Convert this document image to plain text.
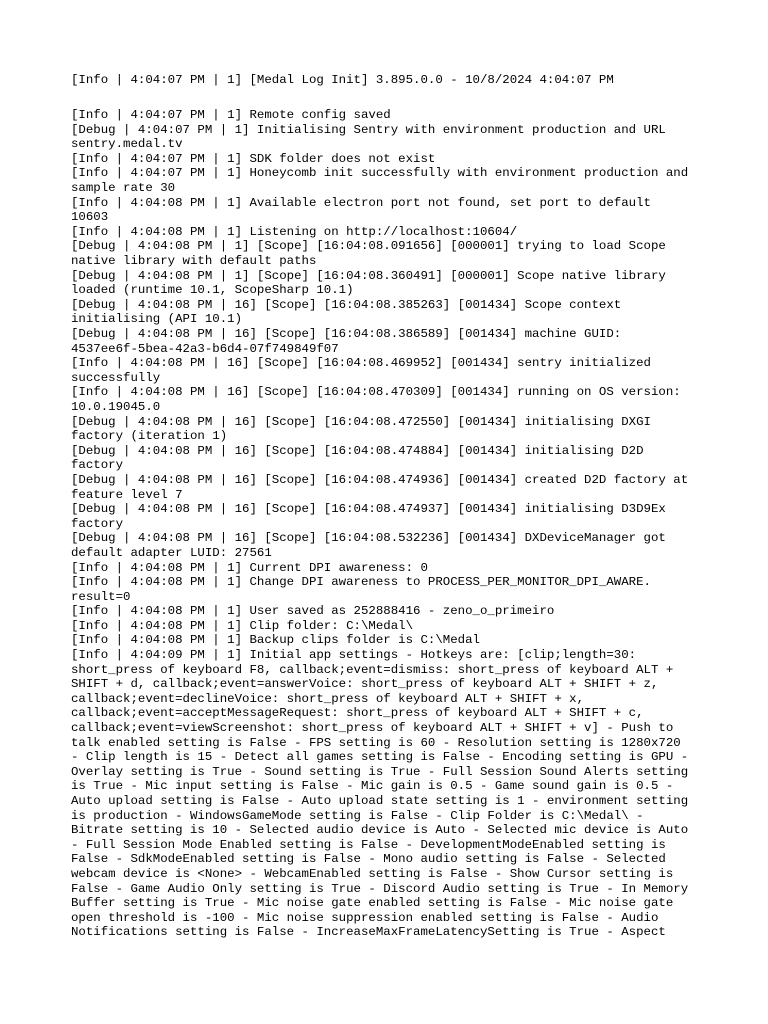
[Info | 4:04:07 PM | 1] [Medal Log Init] 3.895.0.0 - 10/8/2024 4:04:07 PM
[Info | 4:04:07 PM | 1] Remote config saved
[Debug | 4:04:07 PM | 1] Initialising Sentry with environment production and URL
sentry.medal.tv
[Info | 4:04:07 PM | 1] SDK folder does not exist
[Info | 4:04:07 PM | 1] Honeycomb init successfully with environment production and
sample rate 30
[Info | 4:04:08 PM | 1] Available electron port not found, set port to default
10603
[Info | 4:04:08 PM | 1] Listening on http://localhost:10604/
[Debug | 4:04:08 PM | 1] [Scope] [16:04:08.091656] [000001] trying to load Scope
native library with default paths
[Debug | 4:04:08 PM | 1] [Scope] [16:04:08.360491] [000001] Scope native library
loaded (runtime 10.1, ScopeSharp 10.1)
[Debug | 4:04:08 PM | 16] [Scope] [16:04:08.385263] [001434] Scope context
initialising (API 10.1)
[Debug | 4:04:08 PM | 16] [Scope] [16:04:08.386589] [001434] machine GUID:
4537ee6f-5bea-42a3-b6d4-07f749849f07
[Info | 4:04:08 PM | 16] [Scope] [16:04:08.469952] [001434] sentry initialized
successfully
[Info | 4:04:08 PM | 16] [Scope] [16:04:08.470309] [001434] running on OS version:
10.0.19045.0
[Debug | 4:04:08 PM | 16] [Scope] [16:04:08.472550] [001434] initialising DXGI
factory (iteration 1)
[Debug | 4:04:08 PM | 16] [Scope] [16:04:08.474884] [001434] initialising D2D
factory
[Debug | 4:04:08 PM | 16] [Scope] [16:04:08.474936] [001434] created D2D factory at
feature level 7
[Debug | 4:04:08 PM | 16] [Scope] [16:04:08.474937] [001434] initialising D3D9Ex
factory
[Debug | 4:04:08 PM | 16] [Scope] [16:04:08.532236] [001434] DXDeviceManager got
default adapter LUID: 27561
[Info | 4:04:08 PM | 1] Current DPI awareness: 0
[Info | 4:04:08 PM | 1] Change DPI awareness to PROCESS_PER_MONITOR_DPI_AWARE.
result=0
[Info | 4:04:08 PM | 1] User saved as 252888416 - zeno_o_primeiro
[Info | 4:04:08 PM | 1] Clip folder: C:\Medal\
[Info | 4:04:08 PM | 1] Backup clips folder is C:\Medal
[Info | 4:04:09 PM | 1] Initial app settings - Hotkeys are: [clip;length=30:
short_press of keyboard F8, callback;event=dismiss: short_press of keyboard ALT +
SHIFT + d, callback;event=answerVoice: short_press of keyboard ALT + SHIFT + z,
callback;event=declineVoice: short_press of keyboard ALT + SHIFT + x,
callback;event=acceptMessageRequest: short_press of keyboard ALT + SHIFT + c,
callback;event=viewScreenshot: short_press of keyboard ALT + SHIFT + v] - Push to
talk enabled setting is False - FPS setting is 60 - Resolution setting is 1280x720
- Clip length is 15 - Detect all games setting is False - Encoding setting is GPU -
Overlay setting is True - Sound setting is True - Full Session Sound Alerts setting
is True - Mic input setting is False - Mic gain is 0.5 - Game sound gain is 0.5 -
Auto upload setting is False - Auto upload state setting is 1 - environment setting
is production - WindowsGameMode setting is False - Clip Folder is C:\Medal\ -
Bitrate setting is 10 - Selected audio device is Auto - Selected mic device is Auto
- Full Session Mode Enabled setting is False - DevelopmentModeEnabled setting is
False - SdkModeEnabled setting is False - Mono audio setting is False - Selected
webcam device is <None> - WebcamEnabled setting is False - Show Cursor setting is
False - Game Audio Only setting is True - Discord Audio setting is True - In Memory
Buffer setting is True - Mic noise gate enabled setting is False - Mic noise gate
open threshold is -100 - Mic noise suppression enabled setting is False - Audio
Notifications setting is False - IncreaseMaxFrameLatencySetting is True - Aspect
